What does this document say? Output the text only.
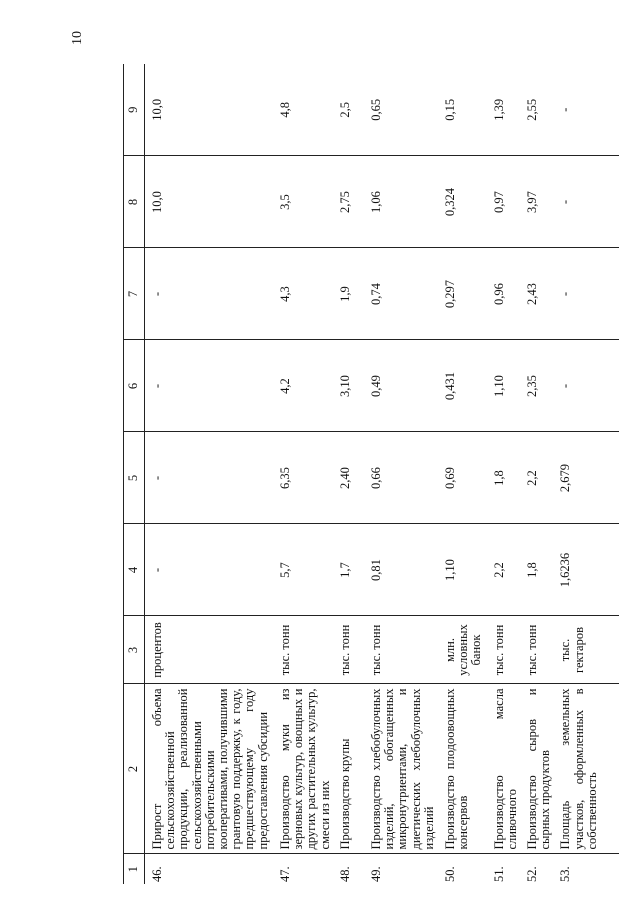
10
1	2	3	4	5	6	7	8	9
46.	Прирост объема сельскохозяйственной продукции, реализованной сельскохозяйственными потребительскими кооперативами, получившими грантовую поддержку, к году, предшествующему году предоставления субсидии	процентов	-	-	-	-	10,0	10,0
47.	Производство муки из зерновых культур, овощных и других растительных культур, смеси из них	тыс. тонн	5,7	6,35	4,2	4,3	3,5	4,8
48.	Производство крупы	тыс. тонн	1,7	2,40	3,10	1,9	2,75	2,5
49.	Производство хлебобулочных изделий, обогащенных микронутриентами, и диетических хлебобулочных изделий	тыс. тонн	0,81	0,66	0,49	0,74	1,06	0,65
50.	Производство плодоовощных консервов	млн. условных банок	1,10	0,69	0,431	0,297	0,324	0,15
51.	Производство масла сливочного	тыс. тонн	2,2	1,8	1,10	0,96	0,97	1,39
52.	Производство сыров и сырных продуктов	тыс. тонн	1,8	2,2	2,35	2,43	3,97	2,55
53.	Площадь земельных участков, оформленных в собственность	тыс. гектаров	1,6236	2,679	-	-	-	-
